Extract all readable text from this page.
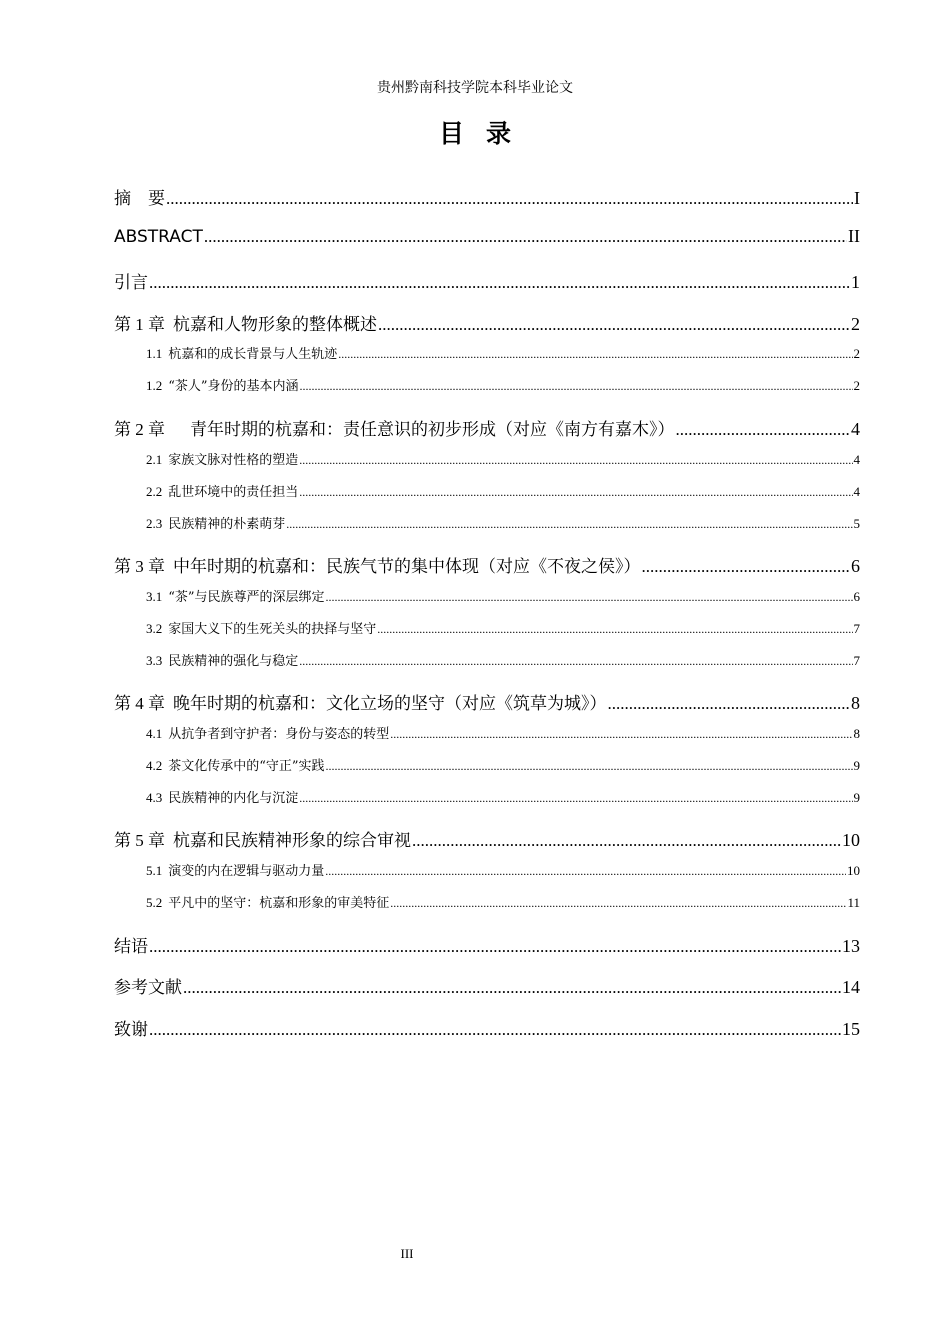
贵州黔南科技学院本科毕业论文
目录
摘　要 .....	I
ABSTRACT .....	II
引言 .....	1
第 1 章 杭嘉和人物形象的整体概述 .....	2
1.1 杭嘉和的成长背景与人生轨迹 .....	2
1.2 “茶人”身份的基本内涵 .....	2
第 2 章 　青年时期的杭嘉和：责任意识的初步形成（对应《南方有嘉木》） .....	4
2.1 家族文脉对性格的塑造 .....	4
2.2 乱世环境中的责任担当 .....	4
2.3 民族精神的朴素萌芽 .....	5
第 3 章 中年时期的杭嘉和：民族气节的集中体现（对应《不夜之侯》） .....	6
3.1 “茶”与民族尊严的深层绑定 .....	6
3.2 家国大义下的生死关头的抉择与坚守 .....	7
3.3 民族精神的强化与稳定 .....	7
第 4 章 晚年时期的杭嘉和：文化立场的坚守（对应《筑草为城》） .....	8
4.1 从抗争者到守护者：身份与姿态的转型 .....	8
4.2 茶文化传承中的“守正”实践 .....	9
4.3 民族精神的内化与沉淀 .....	9
第 5 章 杭嘉和民族精神形象的综合审视 .....	10
5.1 演变的内在逻辑与驱动力量 .....	10
5.2 平凡中的坚守：杭嘉和形象的审美特征 .....	11
结语 .....	13
参考文献 .....	14
致谢 .....	15
III
